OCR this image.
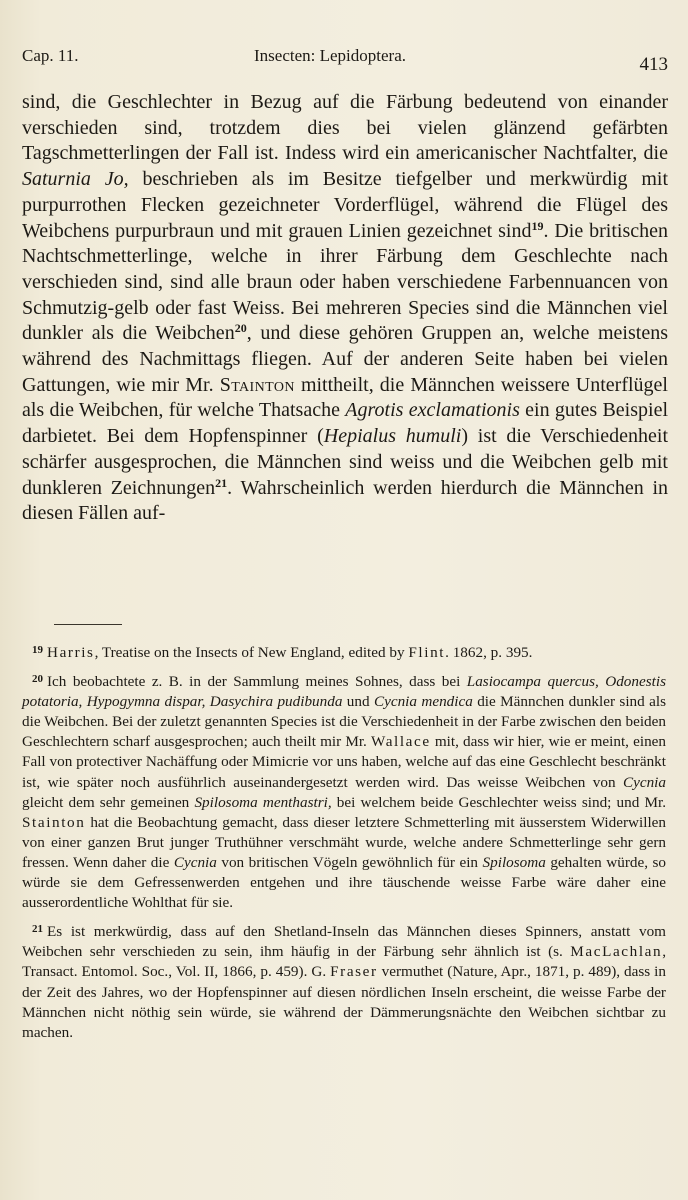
Cap. 11.	Insecten: Lepidoptera.	413

sind, die Geschlechter in Bezug auf die Färbung bedeutend von einander verschieden sind, trotzdem dies bei vielen glänzend gefärbten Tagschmetterlingen der Fall ist. Indess wird ein americanischer Nachtfalter, die Saturnia Jo, beschrieben als im Besitze tiefgelber und merkwürdig mit purpurrothen Flecken gezeichneter Vorderflügel, während die Flügel des Weibchens purpurbraun und mit grauen Linien gezeichnet sind$^{19}$. Die britischen Nachtschmetterlinge, welche in ihrer Färbung dem Geschlechte nach verschieden sind, sind alle braun oder haben verschiedene Farbennuancen von Schmutzig-gelb oder fast Weiss. Bei mehreren Species sind die Männchen viel dunkler als die Weibchen$^{20}$, und diese gehören Gruppen an, welche meistens während des Nachmittags fliegen. Auf der anderen Seite haben bei vielen Gattungen, wie mir Mr. Stainton mittheilt, die Männchen weissere Unterflügel als die Weibchen, für welche Thatsache Agrotis exclamationis ein gutes Beispiel darbietet. Bei dem Hopfenspinner (Hepialus humuli) ist die Verschiedenheit schärfer ausgesprochen, die Männchen sind weiss und die Weibchen gelb mit dunkleren Zeichnungen$^{21}$. Wahrscheinlich werden hierdurch die Männchen in diesen Fällen auf-

$^{19}$ Harris, Treatise on the Insects of New England, edited by Flint. 1862, p. 395.

$^{20}$ Ich beobachtete z. B. in der Sammlung meines Sohnes, dass bei Lasiocampa quercus, Odonestis potatoria, Hypogymna dispar, Dasychira pudibunda und Cycnia mendica die Männchen dunkler sind als die Weibchen. Bei der zuletzt genannten Species ist die Verschiedenheit in der Farbe zwischen den beiden Geschlechtern scharf ausgesprochen; auch theilt mir Mr. Wallace mit, dass wir hier, wie er meint, einen Fall von protectiver Nachäffung oder Mimicrie vor uns haben, welche auf das eine Geschlecht beschränkt ist, wie später noch ausführlich auseinandergesetzt werden wird. Das weisse Weibchen von Cycnia gleicht dem sehr gemeinen Spilosoma menthastri, bei welchem beide Geschlechter weiss sind; und Mr. Stainton hat die Beobachtung gemacht, dass dieser letztere Schmetterling mit äusserstem Widerwillen von einer ganzen Brut junger Truthühner verschmäht wurde, welche andere Schmetterlinge sehr gern fressen. Wenn daher die Cycnia von britischen Vögeln gewöhnlich für ein Spilosoma gehalten würde, so würde sie dem Gefressenwerden entgehen und ihre täuschende weisse Farbe wäre daher eine ausserordentliche Wohlthat für sie.

$^{21}$ Es ist merkwürdig, dass auf den Shetland-Inseln das Männchen dieses Spinners, anstatt vom Weibchen sehr verschieden zu sein, ihm häufig in der Färbung sehr ähnlich ist (s. MacLachlan, Transact. Entomol. Soc., Vol. II, 1866, p. 459). G. Fraser vermuthet (Nature, Apr., 1871, p. 489), dass in der Zeit des Jahres, wo der Hopfenspinner auf diesen nördlichen Inseln erscheint, die weisse Farbe der Männchen nicht nöthig sein würde, sie während der Dämmerungsnächte den Weibchen sichtbar zu machen.
